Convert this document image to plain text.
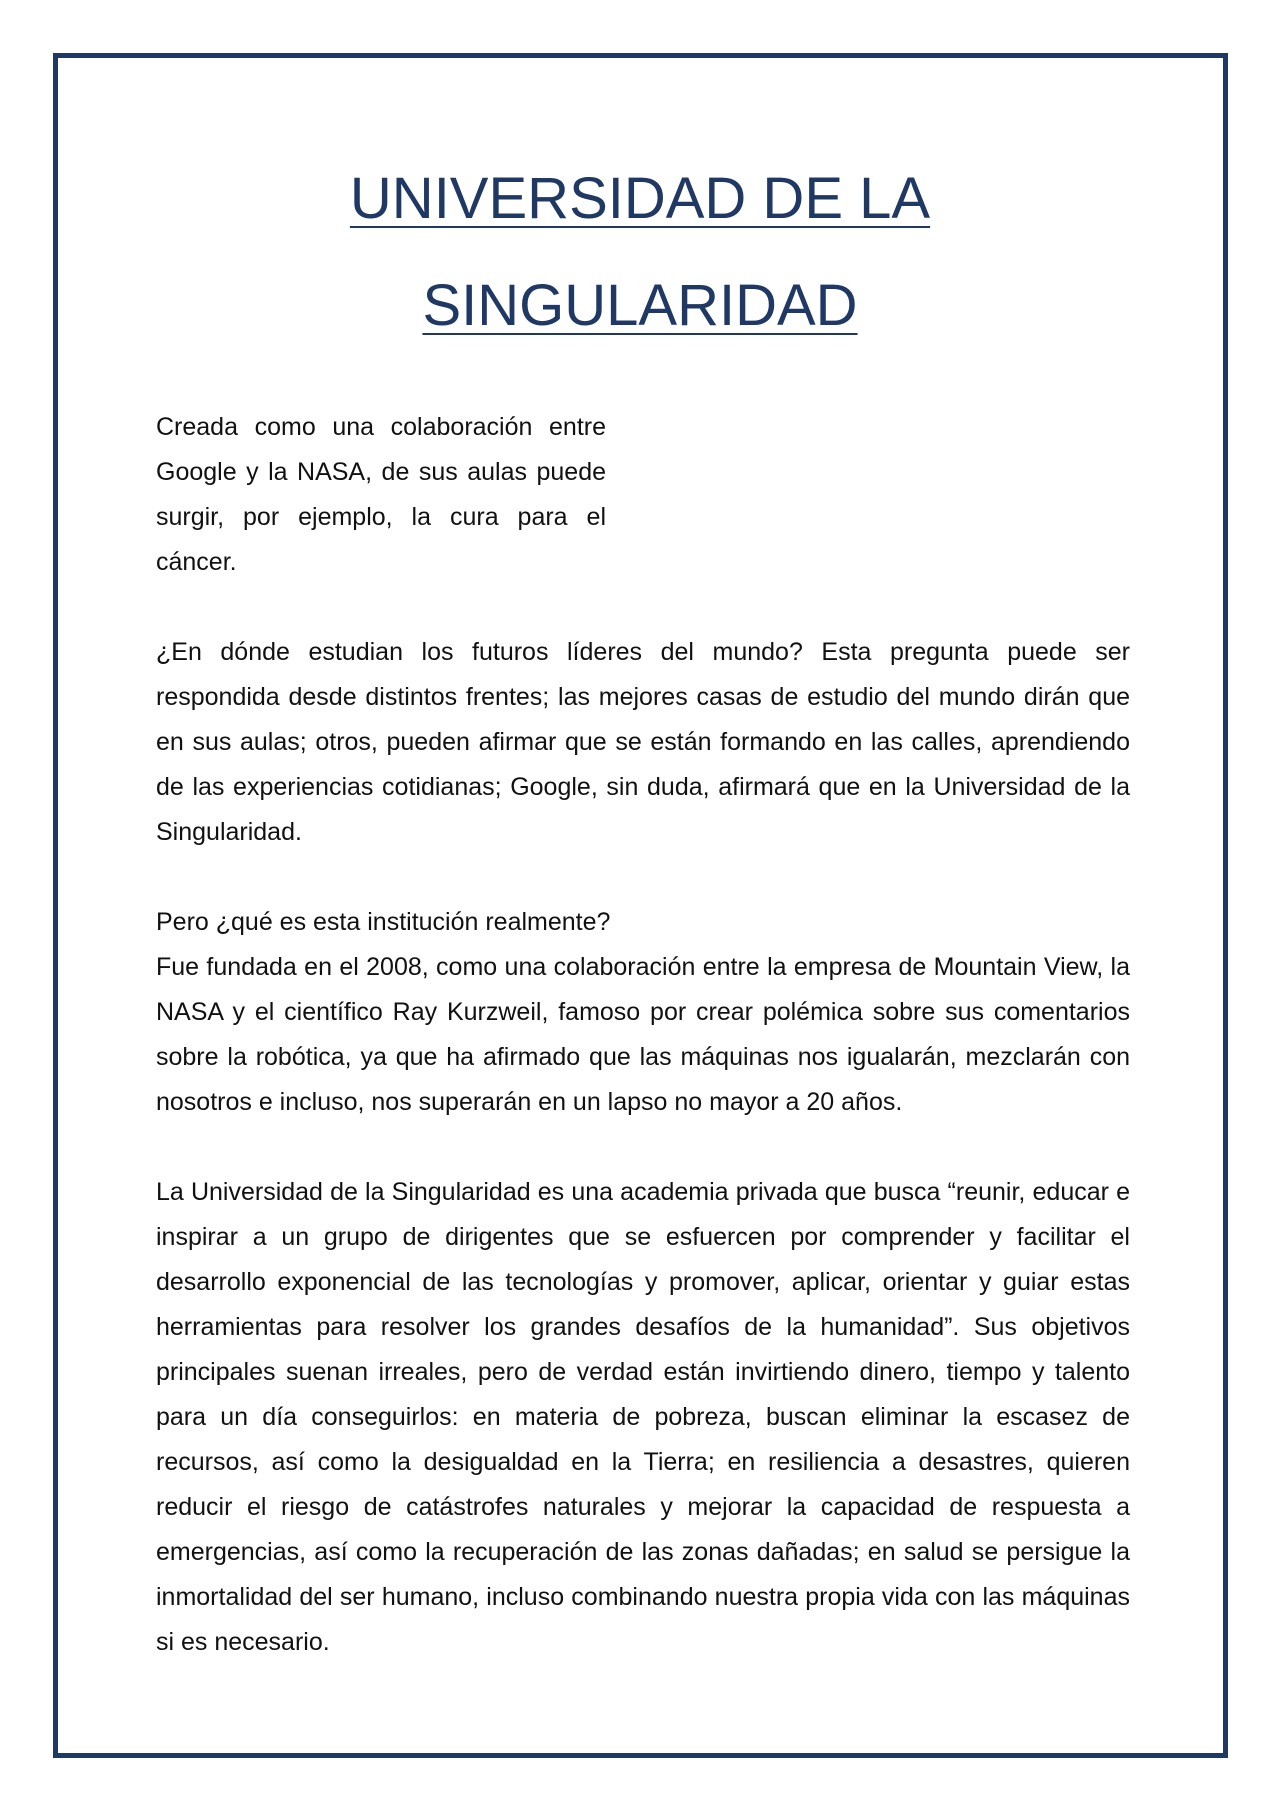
UNIVERSIDAD DE LA SINGULARIDAD

Creada como una colaboración entre Google y la NASA, de sus aulas puede surgir, por ejemplo, la cura para el cáncer.

¿En dónde estudian los futuros líderes del mundo? Esta pregunta puede ser respondida desde distintos frentes; las mejores casas de estudio del mundo dirán que en sus aulas; otros, pueden afirmar que se están formando en las calles, aprendiendo de las experiencias cotidianas; Google, sin duda, afirmará que en la Universidad de la Singularidad.

Pero ¿qué es esta institución realmente?

Fue fundada en el 2008, como una colaboración entre la empresa de Mountain View, la NASA y el científico Ray Kurzweil, famoso por crear polémica sobre sus comentarios sobre la robótica, ya que ha afirmado que las máquinas nos igualarán, mezclarán con nosotros e incluso, nos superarán en un lapso no mayor a 20 años.

La Universidad de la Singularidad es una academia privada que busca “reunir, educar e inspirar a un grupo de dirigentes que se esfuercen por comprender y facilitar el desarrollo exponencial de las tecnologías y promover, aplicar, orientar y guiar estas herramientas para resolver los grandes desafíos de la humanidad”. Sus objetivos principales suenan irreales, pero de verdad están invirtiendo dinero, tiempo y talento para un día conseguirlos: en materia de pobreza, buscan eliminar la escasez de recursos, así como la desigualdad en la Tierra; en resiliencia a desastres, quieren reducir el riesgo de catástrofes naturales y mejorar la capacidad de respuesta a emergencias, así como la recuperación de las zonas dañadas; en salud se persigue la inmortalidad del ser humano, incluso combinando nuestra propia vida con las máquinas si es necesario.
